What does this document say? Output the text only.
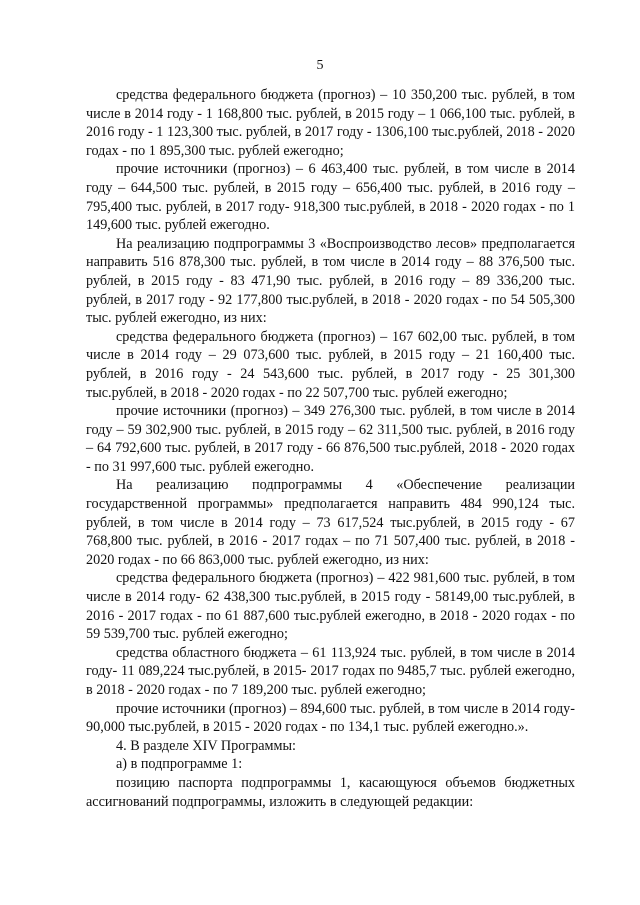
5

средства федерального бюджета (прогноз) – 10 350,200 тыс. рублей, в том числе в 2014 году - 1 168,800 тыс. рублей, в 2015 году – 1 066,100 тыс. рублей, в 2016 году - 1 123,300 тыс. рублей, в 2017 году - 1306,100 тыс.рублей, 2018 - 2020 годах - по 1 895,300 тыс. рублей ежегодно;

прочие источники (прогноз) – 6 463,400 тыс. рублей, в том числе в 2014 году – 644,500 тыс. рублей, в 2015 году – 656,400 тыс. рублей, в 2016 году – 795,400 тыс. рублей, в 2017 году- 918,300 тыс.рублей, в 2018 - 2020 годах - по 1 149,600 тыс. рублей ежегодно.

На реализацию подпрограммы 3 «Воспроизводство лесов» предполагается направить 516 878,300 тыс. рублей, в том числе в 2014 году – 88 376,500 тыс. рублей, в 2015 году - 83 471,90 тыс. рублей, в 2016 году – 89 336,200 тыс. рублей, в 2017 году - 92 177,800 тыс.рублей, в 2018 - 2020 годах - по 54 505,300 тыс. рублей ежегодно, из них:

средства федерального бюджета (прогноз) – 167 602,00 тыс. рублей, в том числе в 2014 году – 29 073,600 тыс. рублей, в 2015 году – 21 160,400 тыс. рублей, в 2016 году - 24 543,600 тыс. рублей, в 2017 году - 25 301,300 тыс.рублей, в 2018 - 2020 годах - по 22 507,700 тыс. рублей ежегодно;

прочие источники (прогноз) – 349 276,300 тыс. рублей, в том числе в 2014 году – 59 302,900 тыс. рублей, в 2015 году – 62 311,500 тыс. рублей, в 2016 году – 64 792,600 тыс. рублей, в 2017 году - 66 876,500 тыс.рублей, 2018 - 2020 годах - по 31 997,600 тыс. рублей ежегодно.

На реализацию подпрограммы 4 «Обеспечение реализации государственной программы» предполагается направить 484 990,124 тыс. рублей, в том числе в 2014 году – 73 617,524 тыс.рублей, в 2015 году - 67 768,800 тыс. рублей, в 2016 - 2017 годах – по 71 507,400 тыс. рублей, в 2018 - 2020 годах - по 66 863,000 тыс. рублей ежегодно, из них:

средства федерального бюджета (прогноз) – 422 981,600 тыс. рублей, в том числе в 2014 году- 62 438,300 тыс.рублей, в 2015 году - 58149,00 тыс.рублей, в 2016 - 2017 годах - по 61 887,600 тыс.рублей ежегодно, в 2018 - 2020 годах - по 59 539,700 тыс. рублей ежегодно;

средства областного бюджета – 61 113,924 тыс. рублей, в том числе в 2014 году- 11 089,224 тыс.рублей, в 2015- 2017 годах по 9485,7 тыс. рублей ежегодно, в 2018 - 2020 годах - по 7 189,200 тыс. рублей ежегодно;

прочие источники (прогноз) – 894,600 тыс. рублей, в том числе в 2014 году- 90,000 тыс.рублей, в 2015 - 2020 годах - по 134,1 тыс. рублей ежегодно.».

4. В разделе XIV Программы:

а) в подпрограмме 1:

позицию паспорта подпрограммы 1, касающуюся объемов бюджетных ассигнований подпрограммы, изложить в следующей редакции:
